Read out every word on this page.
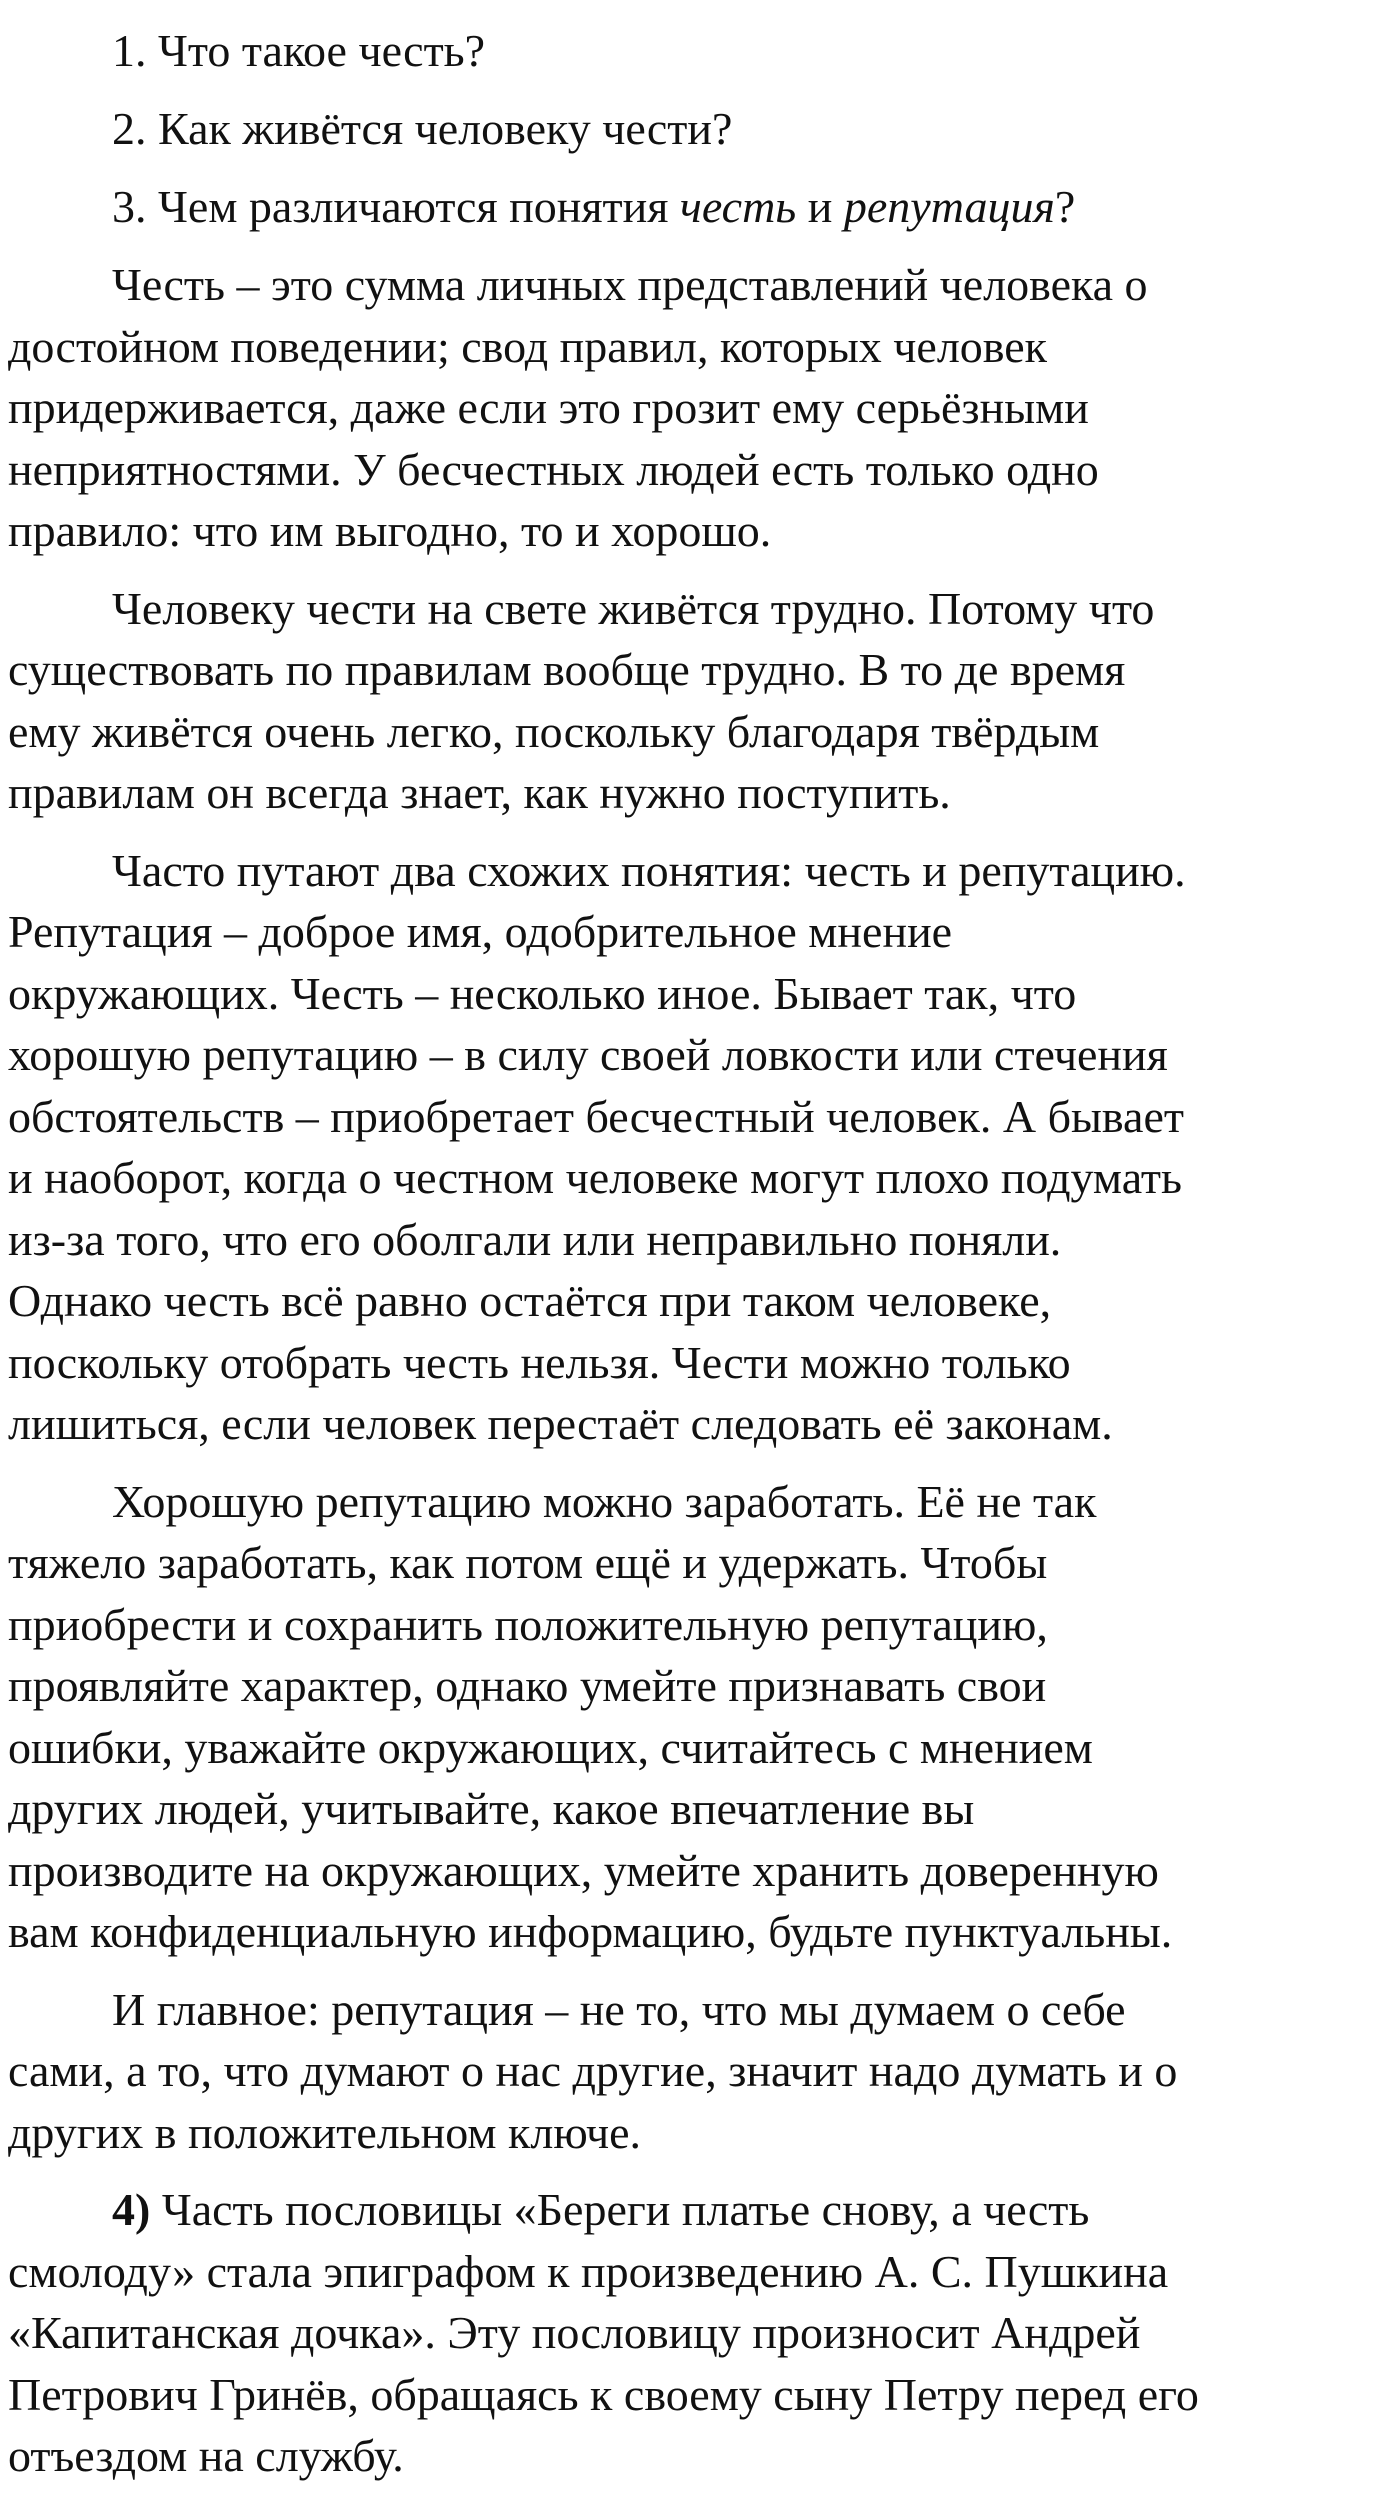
1. Что такое честь?
2. Как живётся человеку чести?
3. Чем различаются понятия честь и репутация?
Честь – это сумма личных представлений человека о
достойном поведении; свод правил, которых человек
придерживается, даже если это грозит ему серьёзными
неприятностями. У бесчестных людей есть только одно
правило: что им выгодно, то и хорошо.
Человеку чести на свете живётся трудно. Потому что
существовать по правилам вообще трудно. В то де время
ему живётся очень легко, поскольку благодаря твёрдым
правилам он всегда знает, как нужно поступить.
Часто путают два схожих понятия: честь и репутацию.
Репутация – доброе имя, одобрительное мнение
окружающих. Честь – несколько иное. Бывает так, что
хорошую репутацию – в силу своей ловкости или стечения
обстоятельств – приобретает бесчестный человек. А бывает
и наоборот, когда о честном человеке могут плохо подумать
из-за того, что его оболгали или неправильно поняли.
Однако честь всё равно остаётся при таком человеке,
поскольку отобрать честь нельзя. Чести можно только
лишиться, если человек перестаёт следовать её законам.
Хорошую репутацию можно заработать. Её не так
тяжело заработать, как потом ещё и удержать. Чтобы
приобрести и сохранить положительную репутацию,
проявляйте характер, однако умейте признавать свои
ошибки, уважайте окружающих, считайтесь с мнением
других людей, учитывайте, какое впечатление вы
производите на окружающих, умейте хранить доверенную
вам конфиденциальную информацию, будьте пунктуальны.
И главное: репутация – не то, что мы думаем о себе
сами, а то, что думают о нас другие, значит надо думать и о
других в положительном ключе.
4) Часть пословицы «Береги платье снову, а честь
смолоду» стала эпиграфом к произведению А. С. Пушкина
«Капитанская дочка». Эту пословицу произносит Андрей
Петрович Гринёв, обращаясь к своему сыну Петру перед его
отъездом на службу.
